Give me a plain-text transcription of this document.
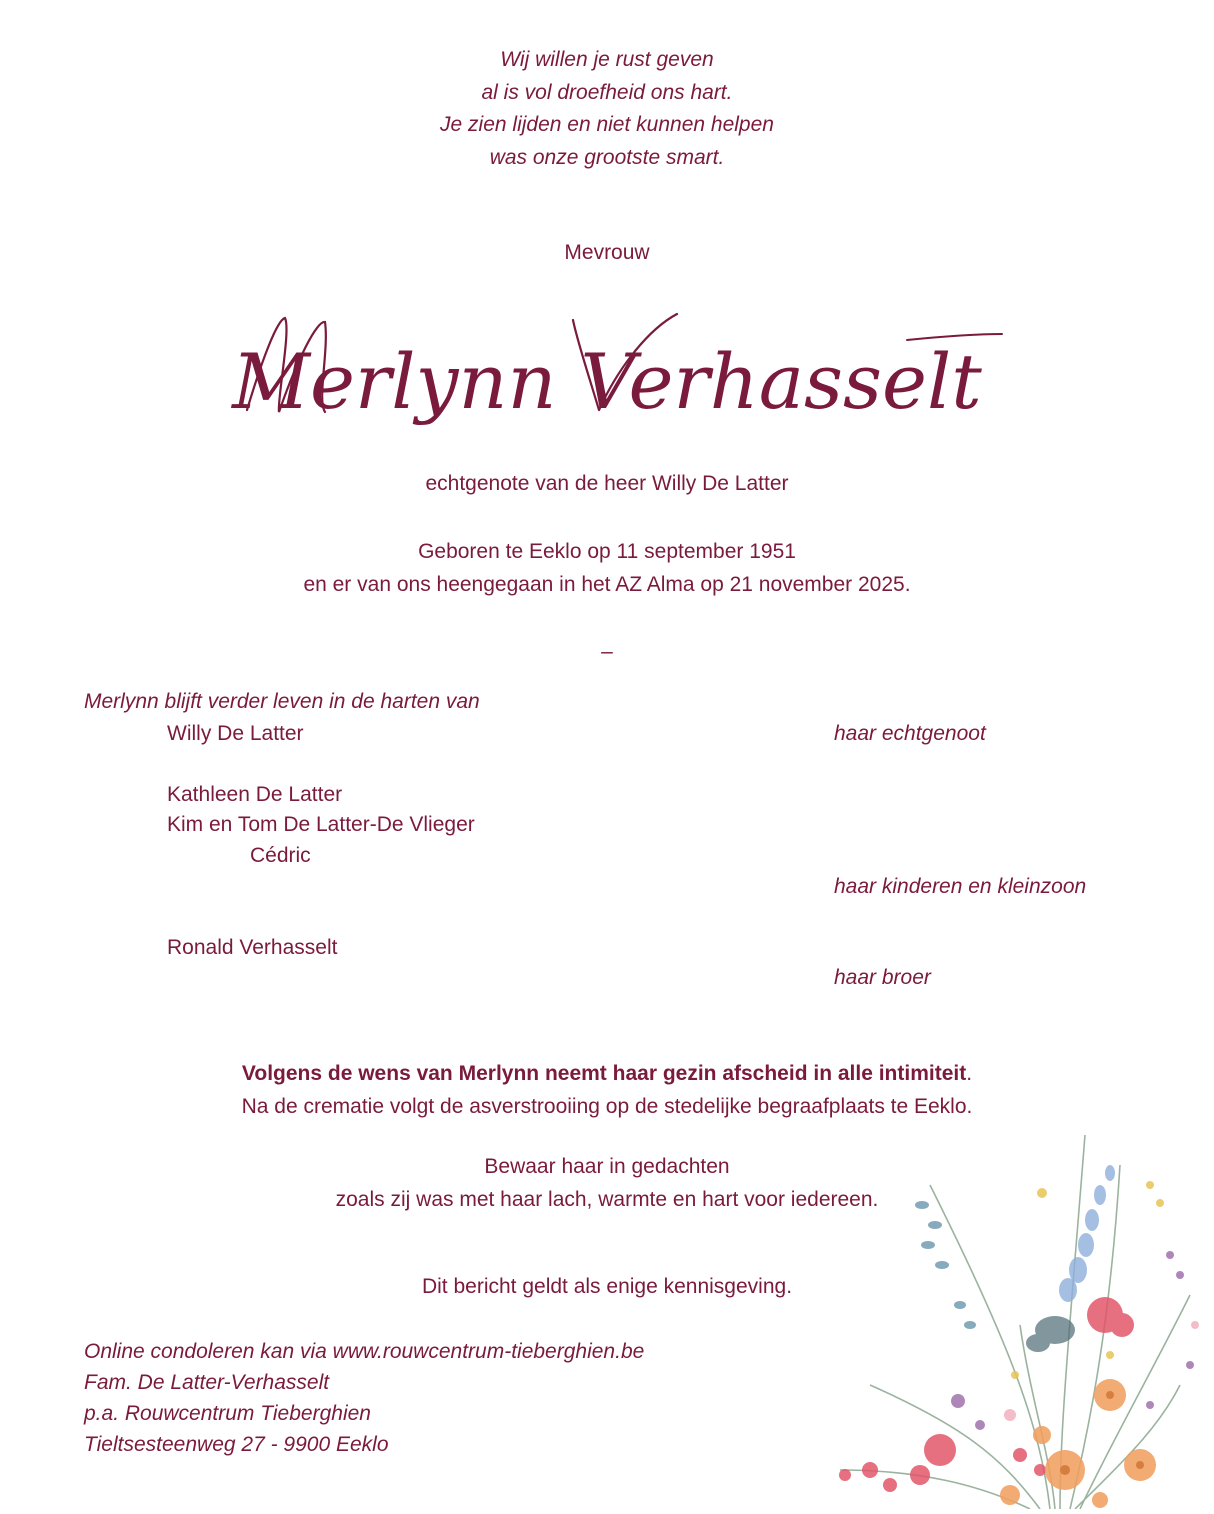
Wij willen je rust geven
al is vol droefheid ons hart.
Je zien lijden en niet kunnen helpen
was onze grootste smart.
Mevrouw
Merlynn Verhasselt
echtgenote van de heer Willy De Latter
Geboren te Eeklo op 11 september 1951
en er van ons heengegaan in het AZ Alma op 21 november 2025.
–
Merlynn blijft verder leven in de harten van
Willy De Latter	haar echtgenoot
Kathleen De Latter
Kim en Tom De Latter-De Vlieger
Cédric
haar kinderen en kleinzoon
Ronald Verhasselt
haar broer
Volgens de wens van Merlynn neemt haar gezin afscheid in alle intimiteit.
Na de crematie volgt de asverstrooiing op de stedelijke begraafplaats te Eeklo.
Bewaar haar in gedachten
zoals zij was met haar lach, warmte en hart voor iedereen.
Dit bericht geldt als enige kennisgeving.
Online condoleren kan via www.rouwcentrum-tieberghien.be
Fam. De Latter-Verhasselt
p.a. Rouwcentrum Tieberghien
Tieltsesteenweg 27 - 9900 Eeklo
